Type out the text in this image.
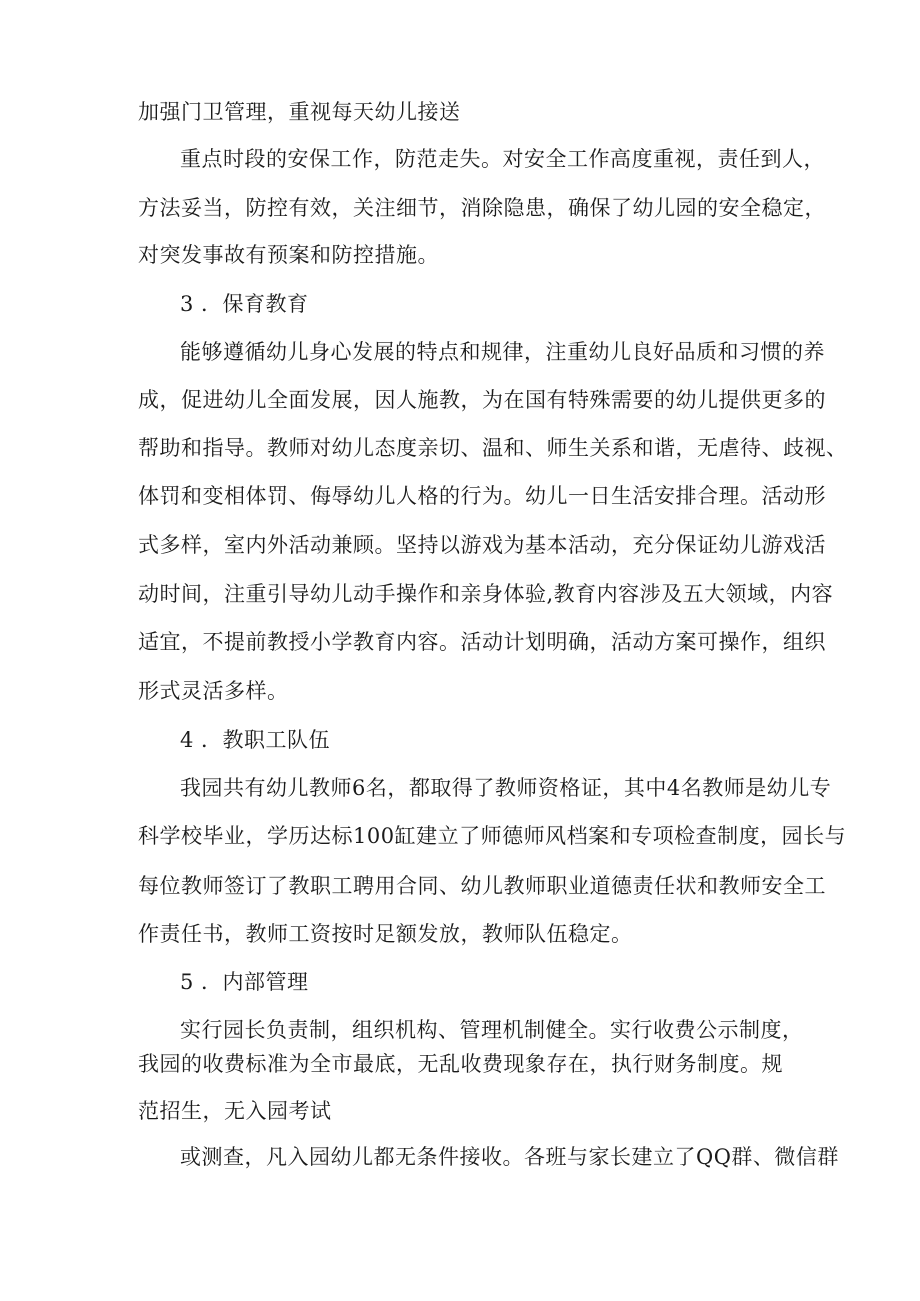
加强门卫管理，重视每天幼儿接送
重点时段的安保工作，防范走失。对安全工作高度重视，责任到人，
方法妥当，防控有效，关注细节，消除隐患，确保了幼儿园的安全稳定，
对突发事故有预案和防控措施。
3 ．保育教育
能够遵循幼儿身心发展的特点和规律，注重幼儿良好品质和习惯的养
成，促进幼儿全面发展，因人施教，为在国有特殊需要的幼儿提供更多的
帮助和指导。教师对幼儿态度亲切、温和、师生关系和谐，无虐待、歧视、
体罚和变相体罚、侮辱幼儿人格的行为。幼儿一日生活安排合理。活动形
式多样，室内外活动兼顾。坚持以游戏为基本活动，充分保证幼儿游戏活
动时间，注重引导幼儿动手操作和亲身体验,教育内容涉及五大领域，内容
适宜，不提前教授小学教育内容。活动计划明确，活动方案可操作，组织
形式灵活多样。
4 ．教职工队伍
我园共有幼儿教师6名，都取得了教师资格证，其中4名教师是幼儿专
科学校毕业，学历达标100缸建立了师德师风档案和专项检查制度，园长与
每位教师签订了教职工聘用合同、幼儿教师职业道德责任状和教师安全工
作责任书，教师工资按时足额发放，教师队伍稳定。
5 ．内部管理
实行园长负责制，组织机构、管理机制健全。实行收费公示制度，
我园的收费标准为全市最底，无乱收费现象存在，执行财务制度。规
范招生，无入园考试
或测查，凡入园幼儿都无条件接收。各班与家长建立了QQ群、微信群
